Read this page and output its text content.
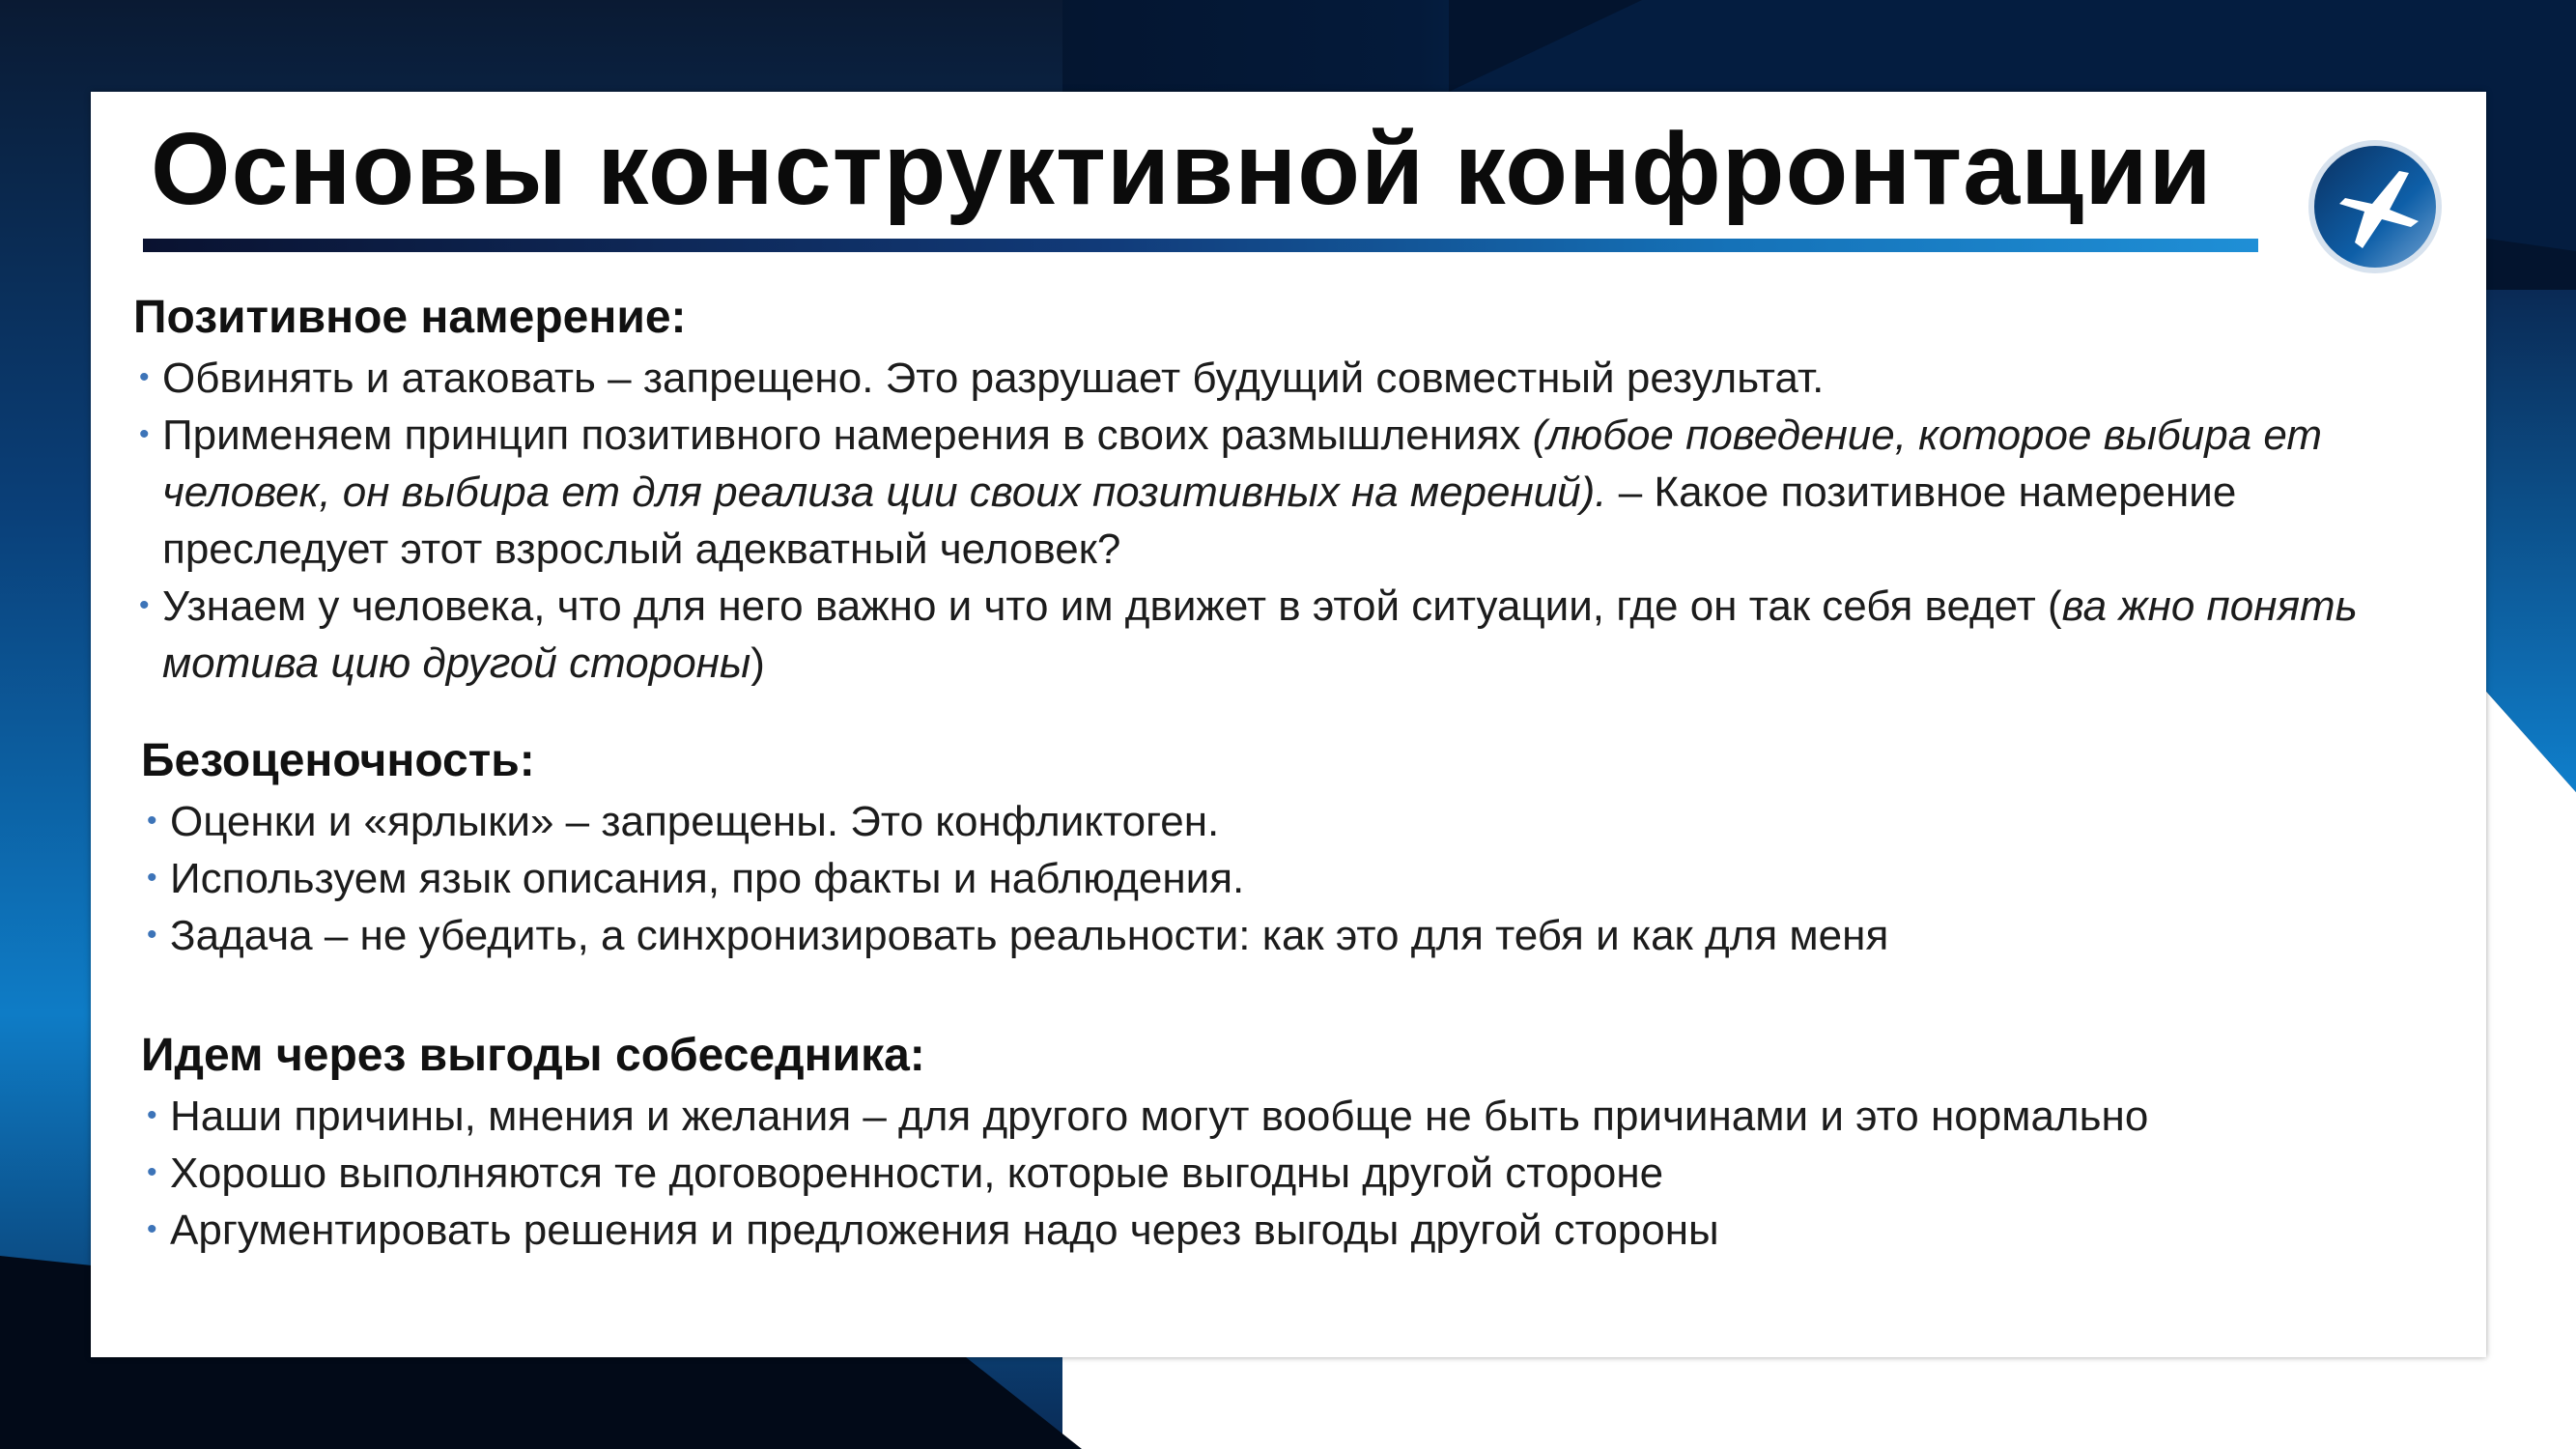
Основы конструктивной конфронтации
Позитивное намерение:
• Обвинять и атаковать – запрещено. Это разрушает будущий совместный результат.
• Применяем принцип позитивного намерения в своих размышлениях (любое поведение, которое выбира ет человек, он выбира ет для реализа ции своих позитивных на мерений). – Какое позитивное намерение преследует этот взрослый адекватный человек?
• Узнаем у человека, что для него важно и что им движет в этой ситуации, где он так себя ведет (ва жно понять мотива цию другой стороны)
Безоценочность:
• Оценки и «ярлыки» – запрещены. Это конфликтоген.
• Используем язык описания, про факты и наблюдения.
• Задача – не убедить, а синхронизировать реальности: как это для тебя и как для меня
Идем через выгоды собеседника:
• Наши причины, мнения и желания – для другого могут вообще не быть причинами и это нормально
• Хорошо выполняются те договоренности, которые выгодны другой стороне
• Аргументировать решения и предложения надо через выгоды другой стороны
